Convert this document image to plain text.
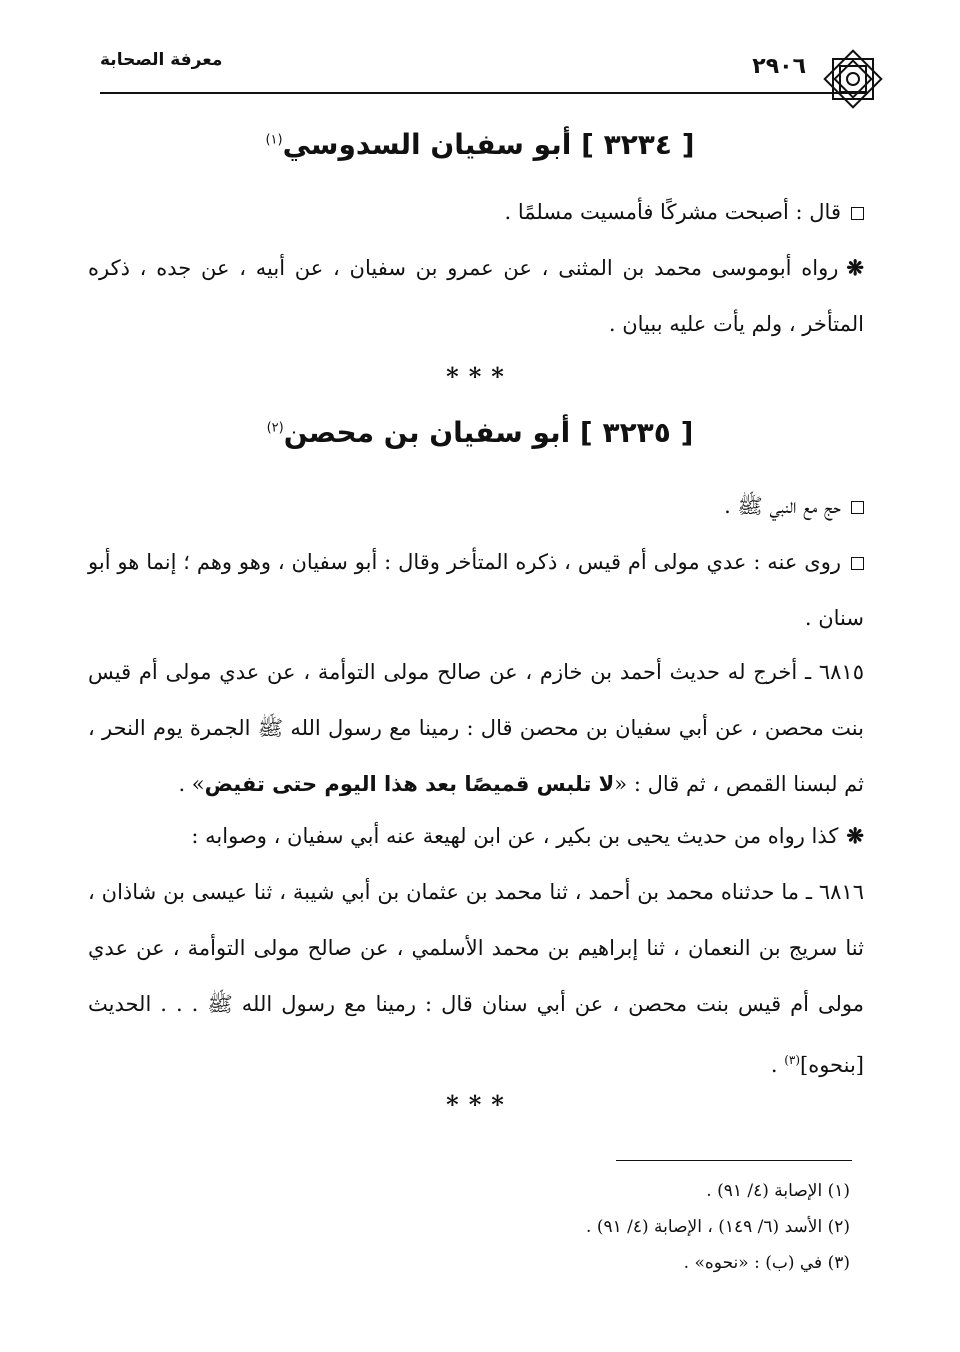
معرفة الصحابة	٢٩٠٦
[ ٣٢٣٤ ] أبو سفيان السدوسي$^{(١)}$
قال : أصبحت مشركًا فأمسيت مسلمًا .
❋رواه أبوموسى محمد بن المثنى ، عن عمرو بن سفيان ، عن أبيه ، عن جده ، ذكره المتأخر ، ولم يأت عليه ببيان .
***
[ ٣٢٣٥ ] أبو سفيان بن محصن$^{(٢)}$
حج مع النبي ﷺ .
روى عنه : عدي مولى أم قيس ، ذكره المتأخر وقال : أبو سفيان ، وهو وهم ؛ إنما هو أبو سنان .
٦٨١٥ ـ أخرج له حديث أحمد بن خازم ، عن صالح مولى التوأمة ، عن عدي مولى أم قيس بنت محصن ، عن أبي سفيان بن محصن قال : رمينا مع رسول الله ﷺ الجمرة يوم النحر ، ثم لبسنا القمص ، ثم قال : «لا تلبس قميصًا بعد هذا اليوم حتى تفيض» .
❋كذا رواه من حديث يحيى بن بكير ، عن ابن لهيعة عنه أبي سفيان ، وصوابه :
٦٨١٦ ـ ما حدثناه محمد بن أحمد ، ثنا محمد بن عثمان بن أبي شيبة ، ثنا عيسى بن شاذان ، ثنا سريج بن النعمان ، ثنا إبراهيم بن محمد الأسلمي ، عن صالح مولى التوأمة ، عن عدي مولى أم قيس بنت محصن ، عن أبي سنان قال : رمينا مع رسول الله ﷺ . . . الحديث [بنحوه]$^{(٣)}$ .
***
(١) الإصابة (٤/ ٩١) .
(٢) الأسد (٦/ ١٤٩) ، الإصابة (٤/ ٩١) .
(٣) في (ب) : «نحوه» .
